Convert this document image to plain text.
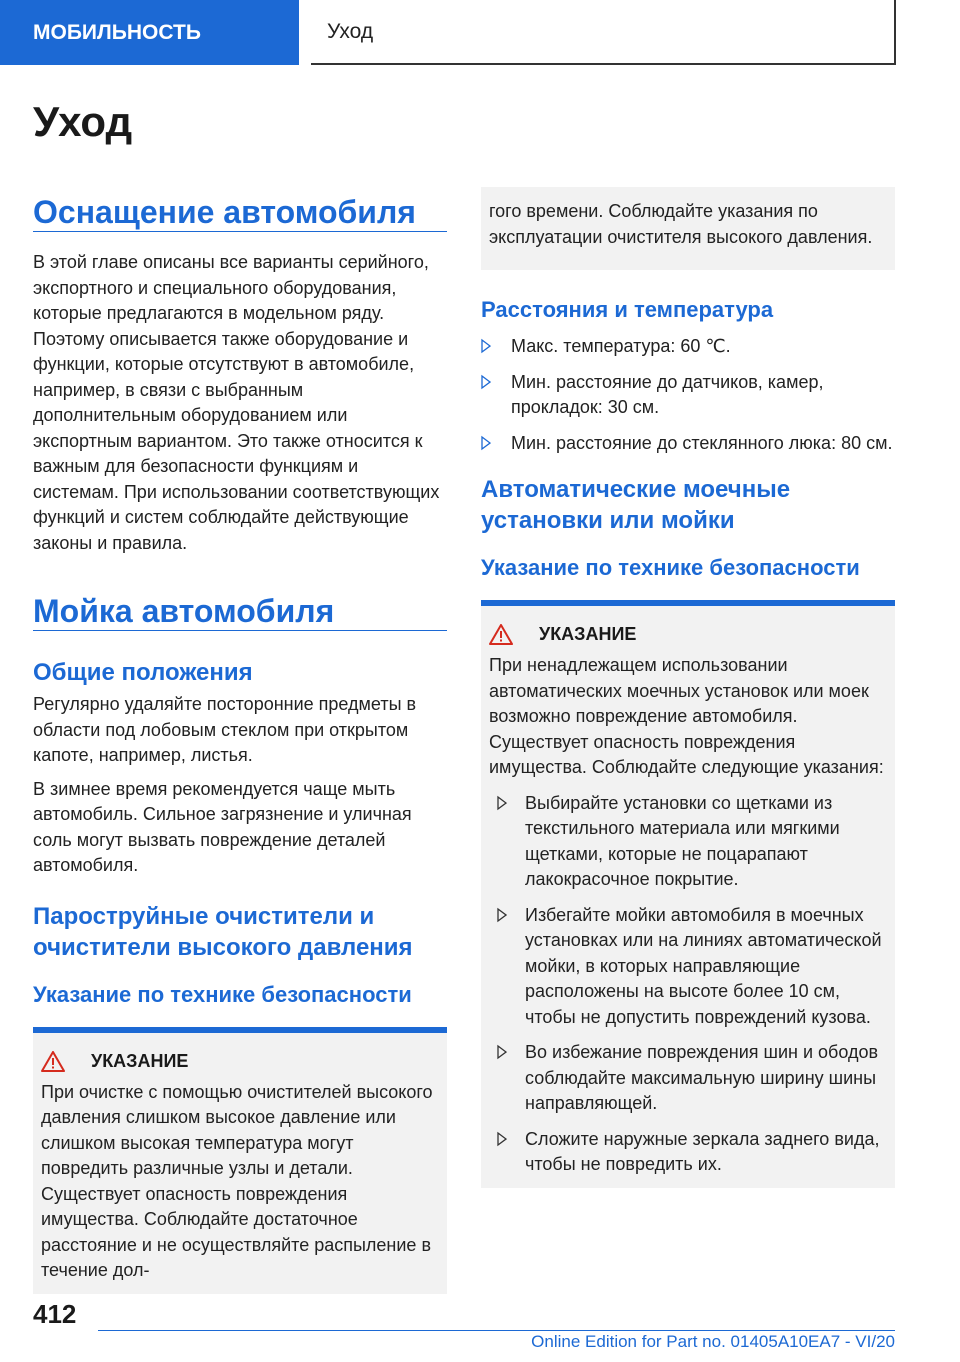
МОБИЛЬНОСТЬ	Уход
Уход
Оснащение автомобиля

В этой главе описаны все варианты серийного, экспортного и специального оборудования, которые предлагаются в модельном ряду. Поэтому описывается также оборудование и функции, которые отсутствуют в автомобиле, например, в связи с выбранным дополнительным оборудованием или экспортным вариантом. Это также относится к важным для безопасности функциям и системам. При использовании соответствующих функций и систем соблюдайте действующие законы и правила.

Мойка автомобиля
Общие положения

Регулярно удаляйте посторонние предметы в области под лобовым стеклом при открытом капоте, например, листья.

В зимнее время рекомендуется чаще мыть автомобиль. Сильное загрязнение и уличная соль могут вызвать повреждение деталей автомобиля.

Пароструйные очистители и очистители высокого давления
Указание по технике безопасности
УКАЗАНИЕ

При очистке с помощью очистителей высокого давления слишком высокое давление или слишком высокая температура могут повредить различные узлы и детали. Существует опасность повреждения имущества. Соблюдайте достаточное расстояние и не осуществляйте распыление в течение дол-

гого времени. Соблюдайте указания по эксплуатации очистителя высокого давления.

Расстояния и температура
Макс. температура: 60 ℃.
Мин. расстояние до датчиков, камер, прокладок: 30 см.
Мин. расстояние до стеклянного люка: 80 см.
Автоматические моечные установки или мойки
Указание по технике безопасности
УКАЗАНИЕ

При ненадлежащем использовании автоматических моечных установок или моек возможно повреждение автомобиля. Существует опасность повреждения имущества. Соблюдайте следующие указания:

Выбирайте установки со щетками из текстильного материала или мягкими щетками, которые не поцарапают лакокрасочное покрытие.
Избегайте мойки автомобиля в моечных установках или на линиях автоматической мойки, в которых направляющие расположены на высоте более 10 см, чтобы не допустить повреждений кузова.
Во избежание повреждения шин и ободов соблюдайте максимальную ширину шины направляющей.
Сложите наружные зеркала заднего вида, чтобы не повредить их.
412
Online Edition for Part no. 01405A10EA7 - VI/20
